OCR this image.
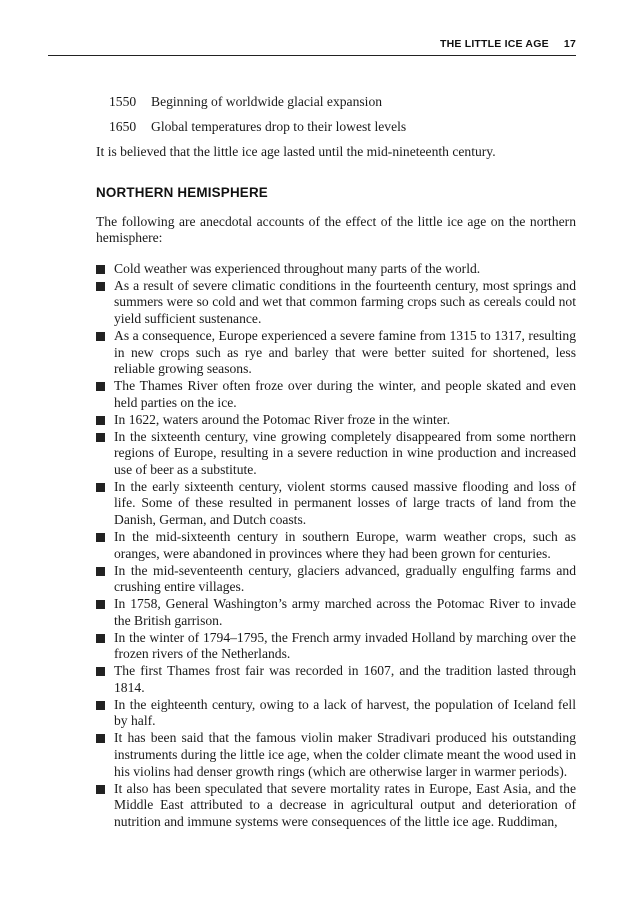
THE LITTLE ICE AGE 17
1550	Beginning of worldwide glacial expansion
1650	Global temperatures drop to their lowest levels

It is believed that the little ice age lasted until the mid-nineteenth century.

NORTHERN HEMISPHERE

The following are anecdotal accounts of the effect of the little ice age on the northern hemisphere:

Cold weather was experienced throughout many parts of the world.
As a result of severe climatic conditions in the fourteenth century, most springs and summers were so cold and wet that common farming crops such as cereals could not yield sufficient sustenance.
As a consequence, Europe experienced a severe famine from 1315 to 1317, resulting in new crops such as rye and barley that were better suited for shortened, less reliable growing seasons.
The Thames River often froze over during the winter, and people skated and even held parties on the ice.
In 1622, waters around the Potomac River froze in the winter.
In the sixteenth century, vine growing completely disappeared from some northern regions of Europe, resulting in a severe reduction in wine production and increased use of beer as a substitute.
In the early sixteenth century, violent storms caused massive flooding and loss of life. Some of these resulted in permanent losses of large tracts of land from the Danish, German, and Dutch coasts.
In the mid-sixteenth century in southern Europe, warm weather crops, such as oranges, were abandoned in provinces where they had been grown for centuries.
In the mid-seventeenth century, glaciers advanced, gradually engulfing farms and crushing entire villages.
In 1758, General Washington’s army marched across the Potomac River to invade the British garrison.
In the winter of 1794–1795, the French army invaded Holland by marching over the frozen rivers of the Netherlands.
The first Thames frost fair was recorded in 1607, and the tradition lasted through 1814.
In the eighteenth century, owing to a lack of harvest, the population of Iceland fell by half.
It has been said that the famous violin maker Stradivari produced his outstanding instruments during the little ice age, when the colder climate meant the wood used in his violins had denser growth rings (which are otherwise larger in warmer periods).
It also has been speculated that severe mortality rates in Europe, East Asia, and the Middle East attributed to a decrease in agricultural output and deterioration of nutrition and immune systems were consequences of the little ice age. Ruddiman,
